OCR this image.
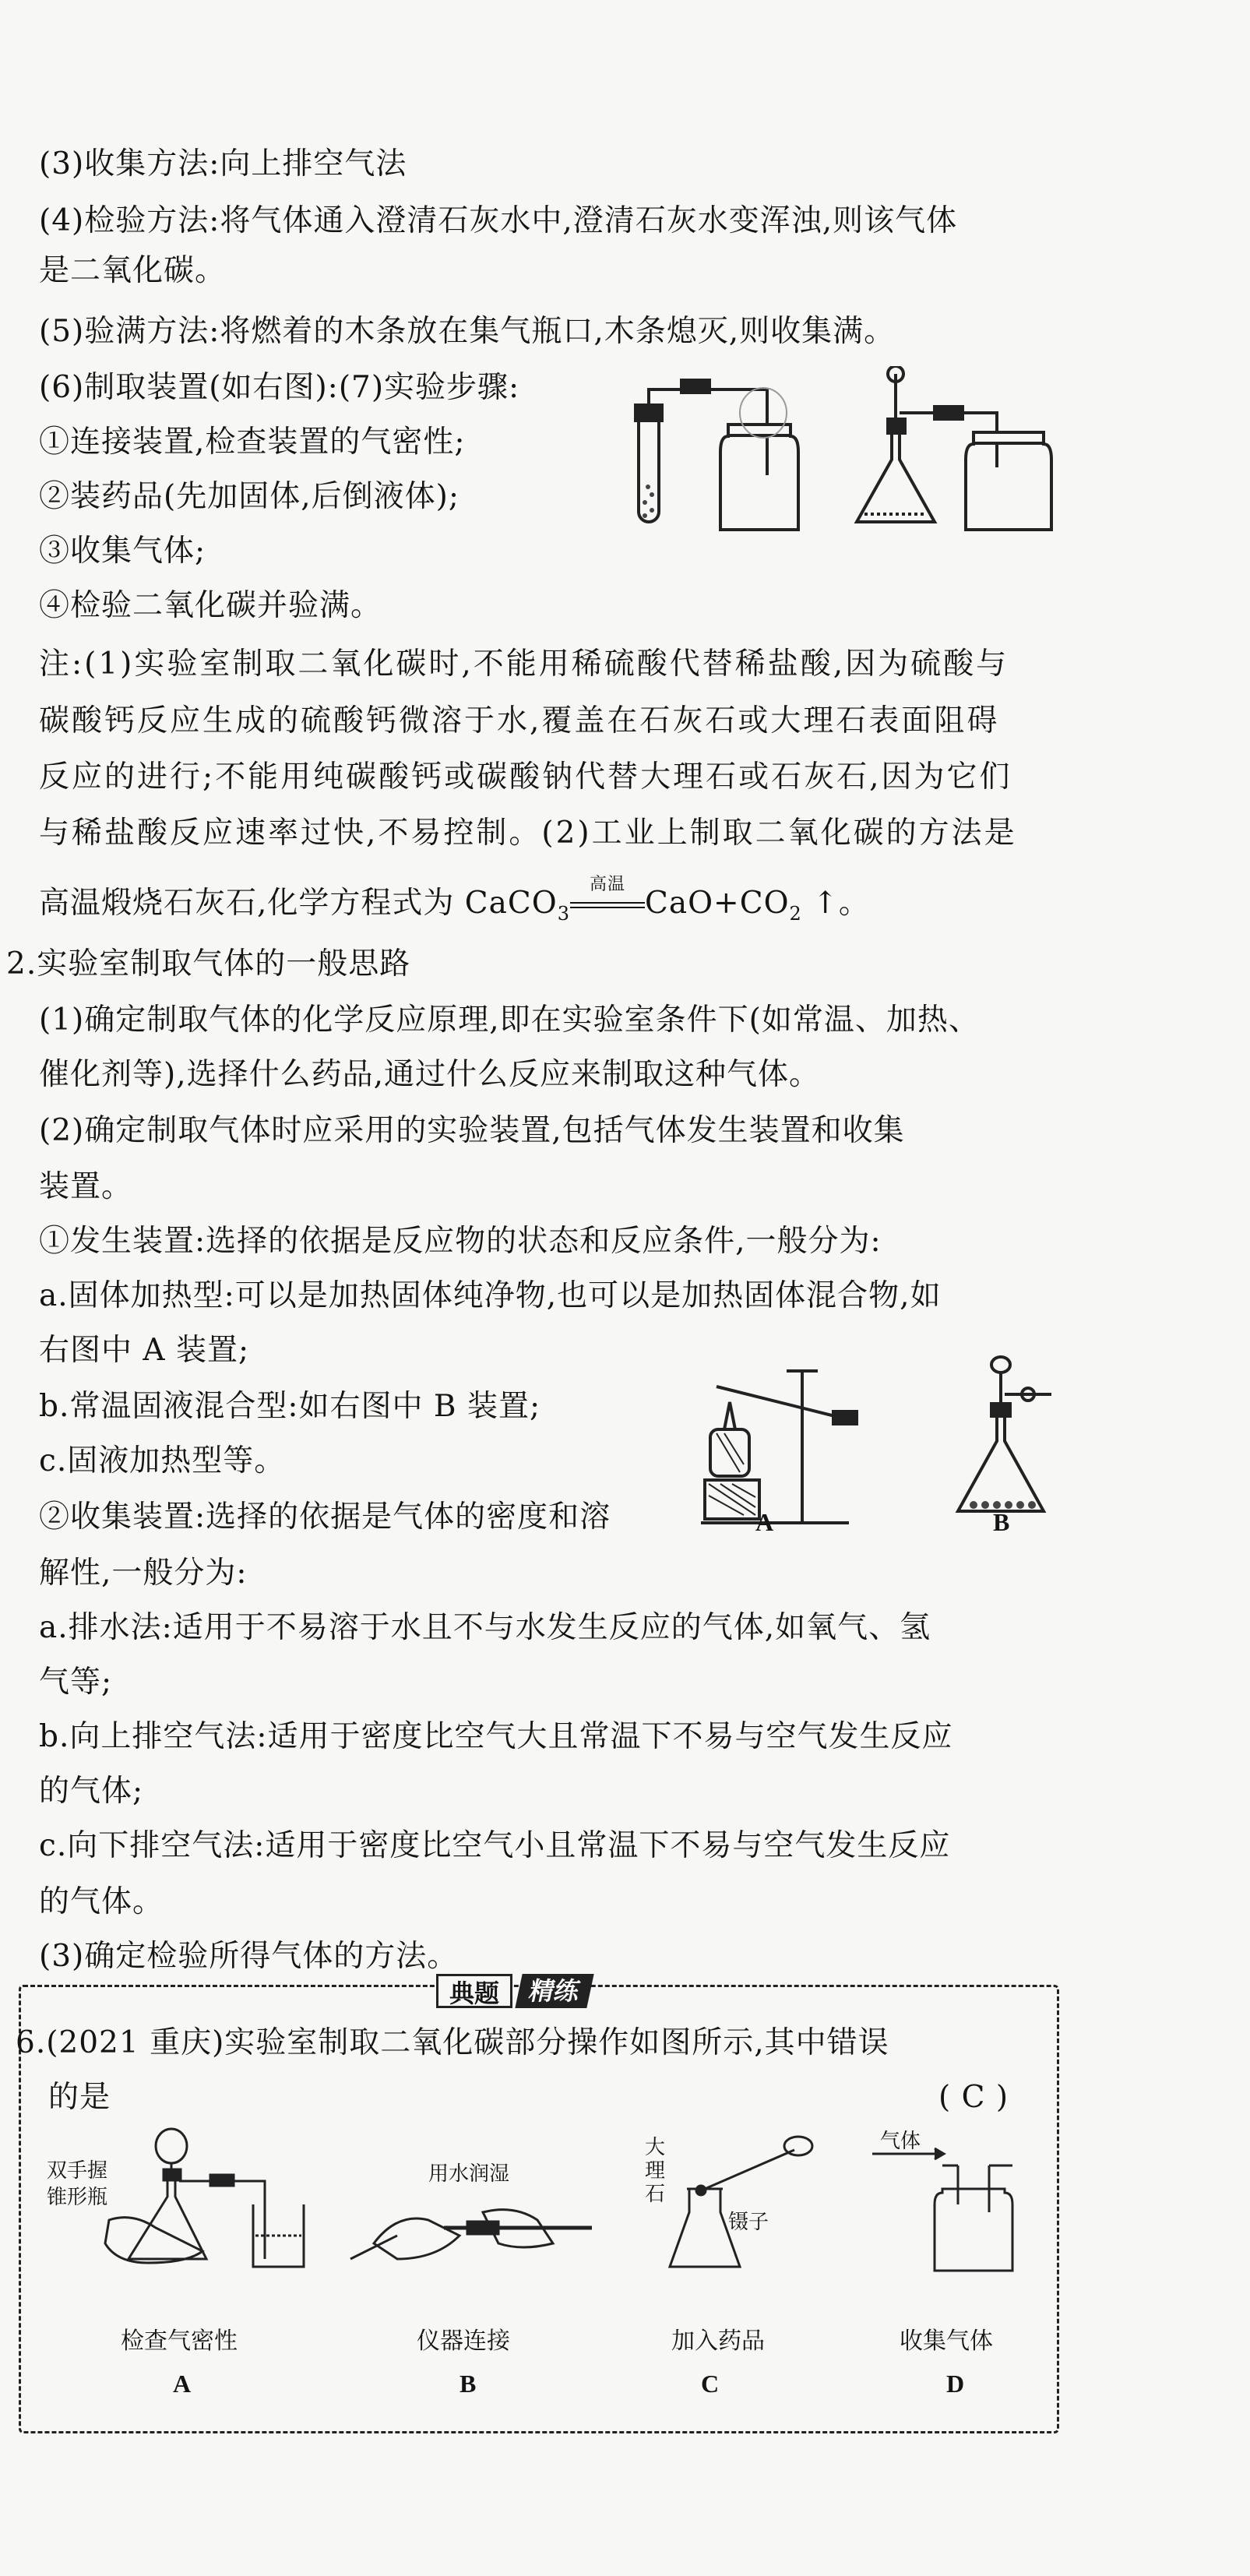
(3)收集方法:向上排空气法
(4)检验方法:将气体通入澄清石灰水中,澄清石灰水变浑浊,则该气体
是二氧化碳。
(5)验满方法:将燃着的木条放在集气瓶口,木条熄灭,则收集满。
(6)制取装置(如右图):(7)实验步骤:
①连接装置,检查装置的气密性;
②装药品(先加固体,后倒液体);
③收集气体;
④检验二氧化碳并验满。
注:(1)实验室制取二氧化碳时,不能用稀硫酸代替稀盐酸,因为硫酸与
碳酸钙反应生成的硫酸钙微溶于水,覆盖在石灰石或大理石表面阻碍
反应的进行;不能用纯碳酸钙或碳酸钠代替大理石或石灰石,因为它们
与稀盐酸反应速率过快,不易控制。(2)工业上制取二氧化碳的方法是
高温煅烧石灰石,化学方程式为 CaCO$_3$
高温
$CaO+CO_2$ ↑。
2.实验室制取气体的一般思路
(1)确定制取气体的化学反应原理,即在实验室条件下(如常温、加热、
催化剂等),选择什么药品,通过什么反应来制取这种气体。
(2)确定制取气体时应采用的实验装置,包括气体发生装置和收集
装置。
①发生装置:选择的依据是反应物的状态和反应条件,一般分为:
a.固体加热型:可以是加热固体纯净物,也可以是加热固体混合物,如
右图中 A 装置;
b.常温固液混合型:如右图中 B 装置;
c.固液加热型等。
②收集装置:选择的依据是气体的密度和溶
解性,一般分为:
a.排水法:适用于不易溶于水且不与水发生反应的气体,如氧气、氢
气等;
b.向上排空气法:适用于密度比空气大且常温下不易与空气发生反应
的气体;
c.向下排空气法:适用于密度比空气小且常温下不易与空气发生反应
的气体。
(3)确定检验所得气体的方法。
A	B
典题	精练
6.(2021 重庆)实验室制取二氧化碳部分操作如图所示,其中错误
的是	( C )
双手握
锥形瓶
用水润湿
大
理
石
镊子
气体
检查气密性	仪器连接	加入药品	收集气体
A	B	C	D
